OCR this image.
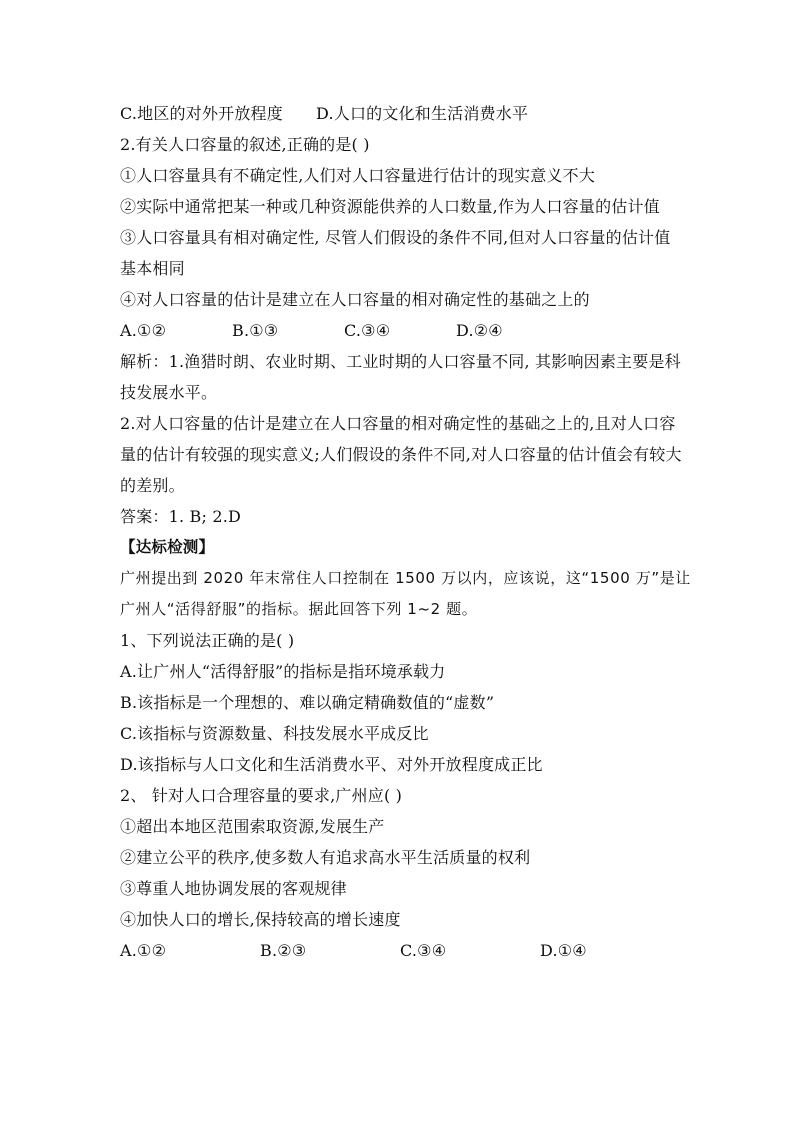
C.地区的对外开放程度 D.人口的文化和生活消费水平
2.有关人口容量的叙述,正确的是( )
①人口容量具有不确定性,人们对人口容量进行估计的现实意义不大
②实际中通常把某一种或几种资源能供养的人口数量,作为人口容量的估计值
③人口容量具有相对确定性, 尽管人们假设的条件不同,但对人口容量的估计值
基本相同
④对人口容量的估计是建立在人口容量的相对确定性的基础之上的
A.①②	B.①③	C.③④	D.②④
解析：1.渔猎时朗、农业时期、工业时期的人口容量不同, 其影响因素主要是科
技发展水平。
2.对人口容量的估计是建立在人口容量的相对确定性的基础之上的,且对人口容
量的估计有较强的现实意义;人们假设的条件不同,对人口容量的估计值会有较大
的差别。
答案：1. B; 2.D
【达标检测】
广州提出到 2020 年末常住人口控制在 1500 万以内，应该说，这“1500 万”是让
广州人“活得舒服”的指标。据此回答下列 1~2 题。
1、下列说法正确的是( )
A.让广州人“活得舒服”的指标是指环境承载力
B.该指标是一个理想的、难以确定精确数值的“虚数”
C.该指标与资源数量、科技发展水平成反比
D.该指标与人口文化和生活消费水平、对外开放程度成正比
2、 针对人口合理容量的要求,广州应( )
①超出本地区范围索取资源,发展生产
②建立公平的秩序,使多数人有追求高水平生活质量的权利
③尊重人地协调发展的客观规律
④加快人口的增长,保持较高的增长速度
A.①②	B.②③	C.③④	D.①④
